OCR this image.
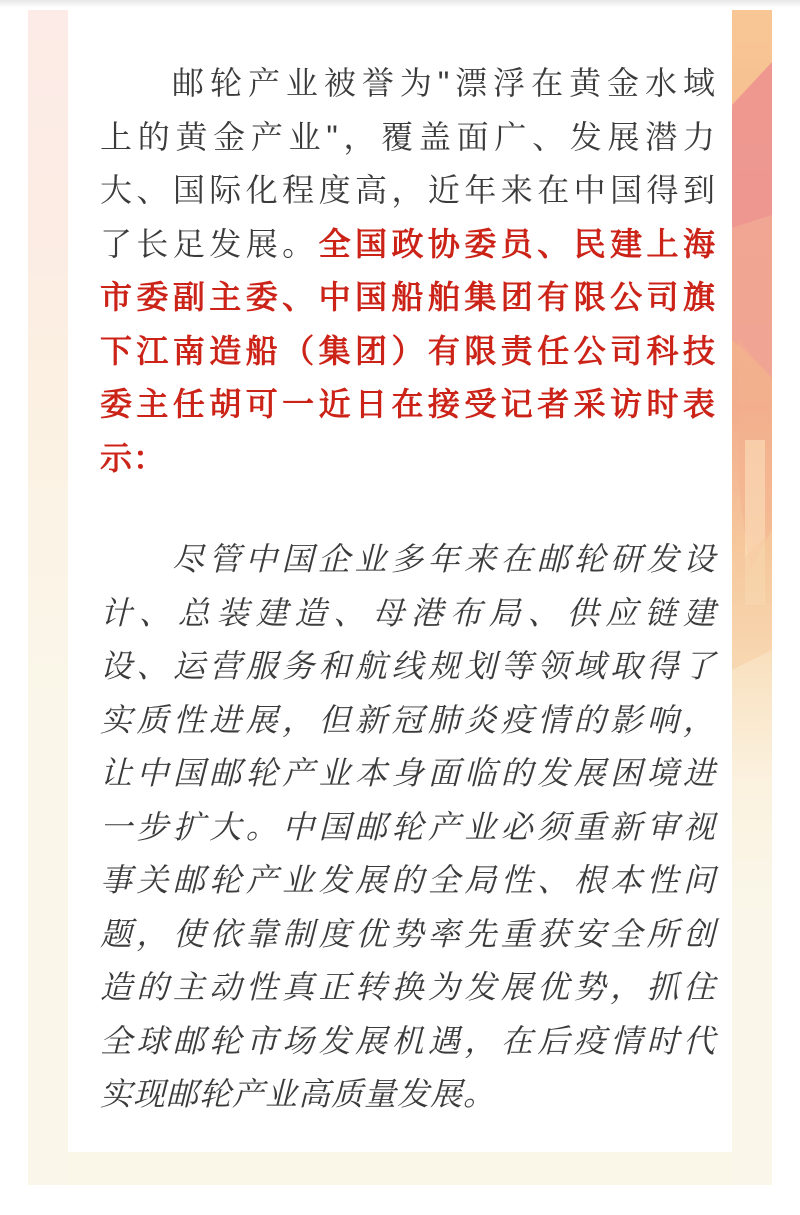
邮轮产业被誉为"漂浮在黄金水域
上的黄金产业"，覆盖面广、发展潜力
大、国际化程度高，近年来在中国得到
了长足发展。全国政协委员、民建上海
市委副主委、中国船舶集团有限公司旗
下江南造船（集团）有限责任公司科技
委主任胡可一近日在接受记者采访时表
示：
尽管中国企业多年来在邮轮研发设
计、总装建造、母港布局、供应链建
设、运营服务和航线规划等领域取得了
实质性进展，但新冠肺炎疫情的影响，
让中国邮轮产业本身面临的发展困境进
一步扩大。中国邮轮产业必须重新审视
事关邮轮产业发展的全局性、根本性问
题，使依靠制度优势率先重获安全所创
造的主动性真正转换为发展优势，抓住
全球邮轮市场发展机遇，在后疫情时代
实现邮轮产业高质量发展。
